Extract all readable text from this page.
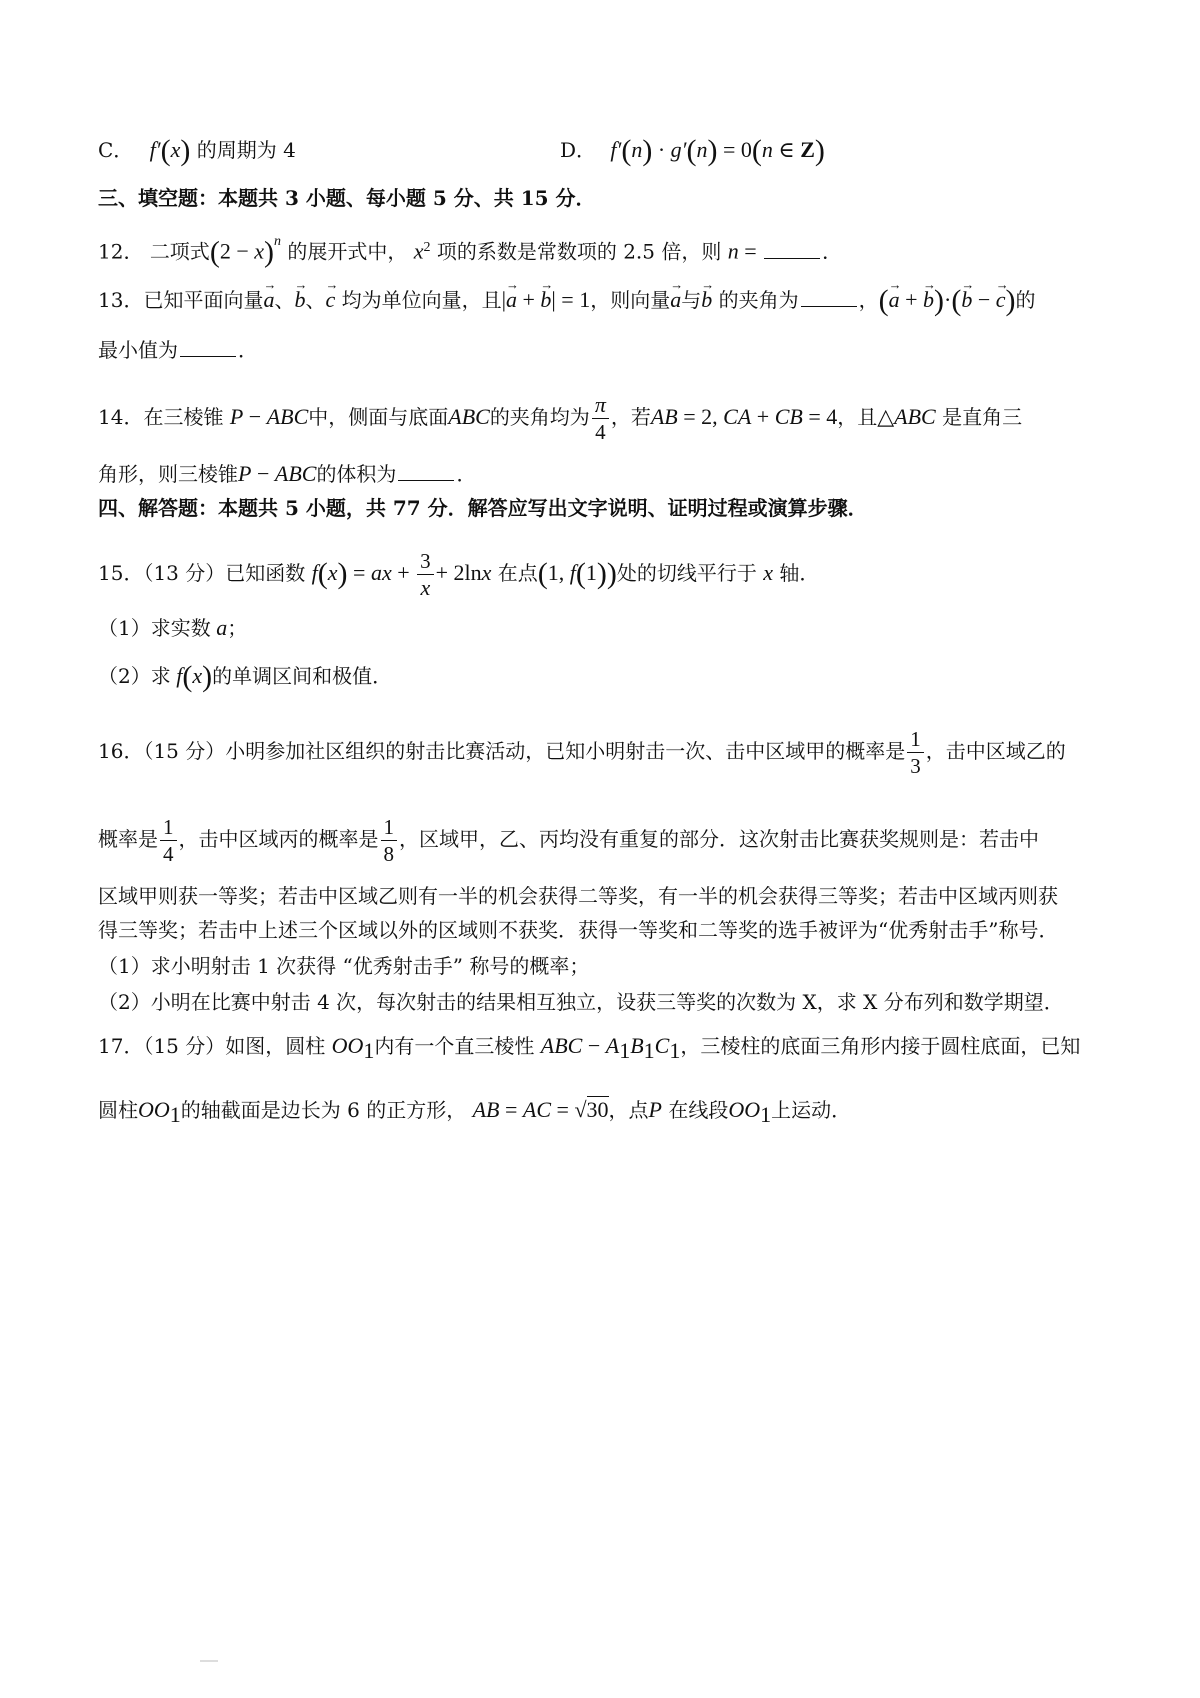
C． f′(x) 的周期为 4	D． f′(n) · g′(n) = 0(n ∈ Z)
三、填空题：本题共 3 小题、每小题 5 分、共 15 分．
12． 二项式$(2 - x)^n$ 的展开式中， $x^2$ 项的系数是常数项的 2.5 倍，则 n =	．
13．已知平面向量→ a、→ b、→ c 均为单位向量，且|→ a + → b| = 1，则向量→ a与→ b 的夹角为	，(→ a + → b)·(→ b − → c)的
最小值为	．
14．在三棱锥 P − ABC中，侧面与底面ABC的夹角均为 $\frac{\pi}{4}$ ，若AB = 2, CA + CB = 4，且△ABC 是直角三
角形，则三棱锥P − ABC的体积为	．
四、解答题：本题共 5 小题，共 77 分．解答应写出文字说明、证明过程或演算步骤．
15．（13 分）已知函数 f(x) = ax + $\frac{3}{x} + 2\ln x$ 在点(1, f(1))处的切线平行于 x 轴．
（1）求实数 a；
（2）求 f(x)的单调区间和极值．
16．（15 分）小明参加社区组织的射击比赛活动，已知小明射击一次、击中区域甲的概率是 $\frac{1}{3}$ ，击中区域乙的
概率是 $\frac{1}{4}$ ，击中区域丙的概率是 $\frac{1}{8}$ ，区域甲，乙、丙均没有重复的部分．这次射击比赛获奖规则是：若击中
区域甲则获一等奖；若击中区域乙则有一半的机会获得二等奖，有一半的机会获得三等奖；若击中区域丙则获
得三等奖；若击中上述三个区域以外的区域则不获奖．获得一等奖和二等奖的选手被评为“优秀射击手”称号．
（1）求小明射击 1 次获得 “优秀射击手” 称号的概率；
（2）小明在比赛中射击 4 次，每次射击的结果相互独立，设获三等奖的次数为 X，求 X 分布列和数学期望．
17．（15 分）如图，圆柱 $OO_1$内有一个直三棱性 ABC − $A_1B_1C_1$，三棱柱的底面三角形内接于圆柱底面，已知
圆柱$OO_1$的轴截面是边长为 6 的正方形， AB = AC = √30，点P 在线段$OO_1$上运动．
